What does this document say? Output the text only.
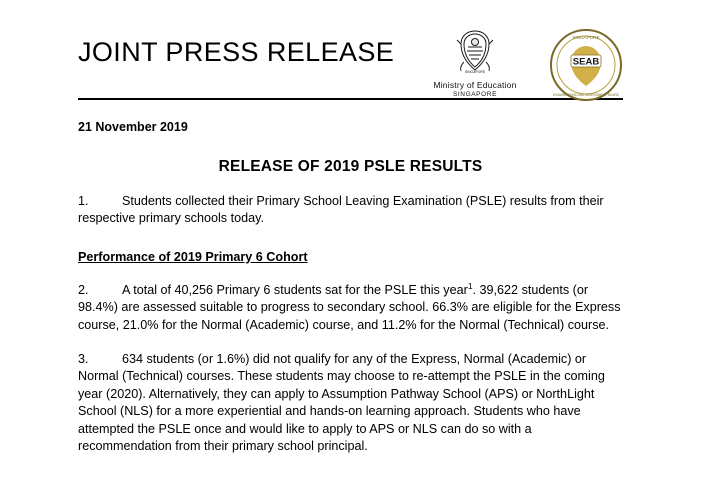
JOINT PRESS RELEASE
SINGAPORE
Ministry of Education
SINGAPORE
SEAB
SINGAPORE
EXAMINATIONS AND ASSESSMENT BOARD
21 November 2019
RELEASE OF 2019 PSLE RESULTS
1.	Students collected their Primary School Leaving Examination (PSLE) results from their respective primary schools today.
Performance of 2019 Primary 6 Cohort
2.	A total of 40,256 Primary 6 students sat for the PSLE this year$^1$. 39,622 students (or 98.4%) are assessed suitable to progress to secondary school. 66.3% are eligible for the Express course, 21.0% for the Normal (Academic) course, and 11.2% for the Normal (Technical) course.
3.	634 students (or 1.6%) did not qualify for any of the Express, Normal (Academic) or Normal (Technical) courses. These students may choose to re-attempt the PSLE in the coming year (2020). Alternatively, they can apply to Assumption Pathway School (APS) or NorthLight School (NLS) for a more experiential and hands-on learning approach. Students who have attempted the PSLE once and would like to apply to APS or NLS can do so with a recommendation from their primary school principal.
